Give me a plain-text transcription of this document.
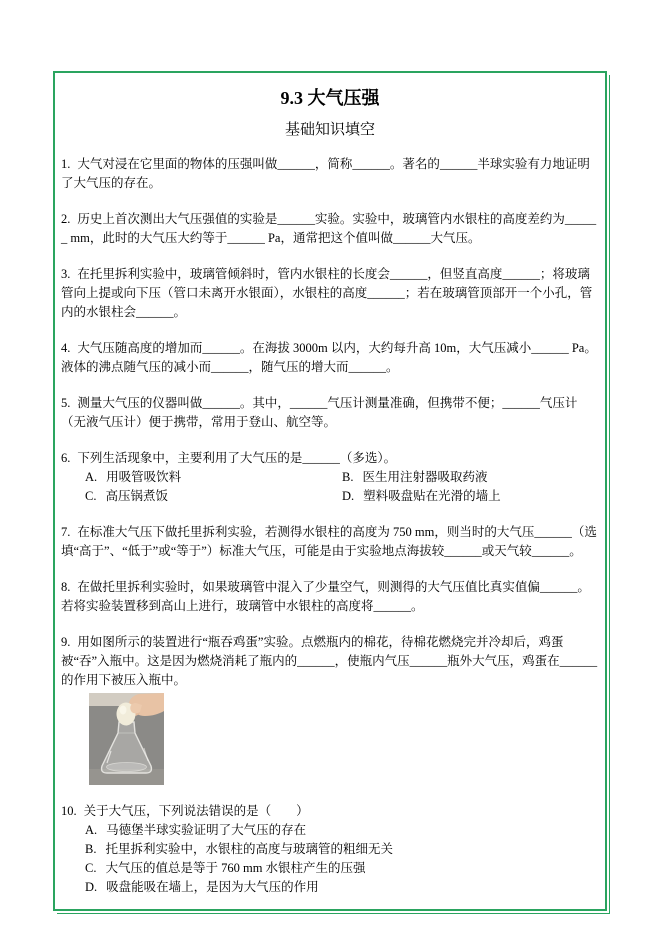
9.3 大气压强
基础知识填空
1. 大气对浸在它里面的物体的压强叫做______，简称______。著名的______半球实验有力地证明了大气压的存在。
2. 历史上首次测出大气压强值的实验是______实验。实验中，玻璃管内水银柱的高度差约为______ mm，此时的大气压大约等于______ Pa，通常把这个值叫做______大气压。
3. 在托里拆利实验中，玻璃管倾斜时，管内水银柱的长度会______，但竖直高度______；将玻璃管向上提或向下压（管口未离开水银面），水银柱的高度______；若在玻璃管顶部开一个小孔，管内的水银柱会______。
4. 大气压随高度的增加而______。在海拔 3000m 以内，大约每升高 10m，大气压减小______ Pa。液体的沸点随气压的减小而______，随气压的增大而______。
5. 测量大气压的仪器叫做______。其中，______气压计测量准确，但携带不便；______气压计（无液气压计）便于携带，常用于登山、航空等。
6. 下列生活现象中，主要利用了大气压的是______（多选）。
A. 用吸管吸饮料	B. 医生用注射器吸取药液
C. 高压锅煮饭	D. 塑料吸盘贴在光滑的墙上
7. 在标准大气压下做托里拆利实验，若测得水银柱的高度为 750 mm，则当时的大气压______（选填“高于”、“低于”或“等于”）标准大气压，可能是由于实验地点海拔较______或天气较______。
8. 在做托里拆利实验时，如果玻璃管中混入了少量空气，则测得的大气压值比真实值偏______。若将实验装置移到高山上进行，玻璃管中水银柱的高度将______。
9. 用如图所示的装置进行“瓶吞鸡蛋”实验。点燃瓶内的棉花，待棉花燃烧完并冷却后，鸡蛋被“吞”入瓶中。这是因为燃烧消耗了瓶内的______，使瓶内气压______瓶外大气压，鸡蛋在______的作用下被压入瓶中。
10. 关于大气压，下列说法错误的是（　　）
A. 马德堡半球实验证明了大气压的存在
B. 托里拆利实验中，水银柱的高度与玻璃管的粗细无关
C. 大气压的值总是等于 760 mm 水银柱产生的压强
D. 吸盘能吸在墙上，是因为大气压的作用
